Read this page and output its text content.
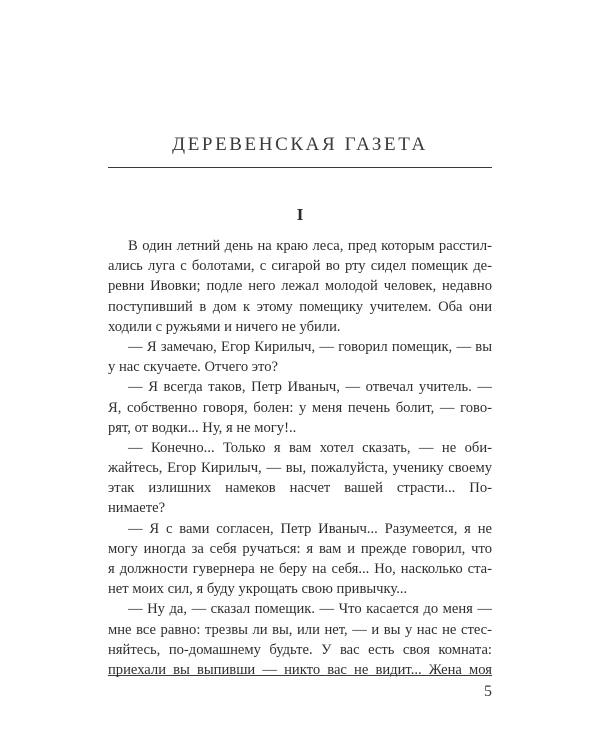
ДЕРЕВЕНСКАЯ ГАЗЕТА
I
В один летний день на краю леса, пред которым расстил-
ались луга с болотами, с сигарой во рту сидел помещик де-
ревни Ивовки; подле него лежал молодой человек, недавно
поступивший в дом к этому помещику учителем. Оба они
ходили с ружьями и ничего не убили.
— Я замечаю, Егор Кирилыч, — говорил помещик, — вы
у нас скучаете. Отчего это?
— Я всегда таков, Петр Иваныч, — отвечал учитель. —
Я, собственно говоря, болен: у меня печень болит, — гово-
рят, от водки... Ну, я не могу!..
— Конечно... Только я вам хотел сказать, — не оби-
жайтесь, Егор Кирилыч, — вы, пожалуйста, ученику своему
этак излишних намеков насчет вашей страсти... По-
нимаете?
— Я с вами согласен, Петр Иваныч... Разумеется, я не
могу иногда за себя ручаться: я вам и прежде говорил, что
я должности гувернера не беру на себя... Но, насколько ста-
нет моих сил, я буду укрощать свою привычку...
— Ну да, — сказал помещик. — Что касается до меня —
мне все равно: трезвы ли вы, или нет, — и вы у нас не стес-
няйтесь, по-домашнему будьте. У вас есть своя комната:
приехали вы выпивши — никто вас не видит... Жена моя
5
